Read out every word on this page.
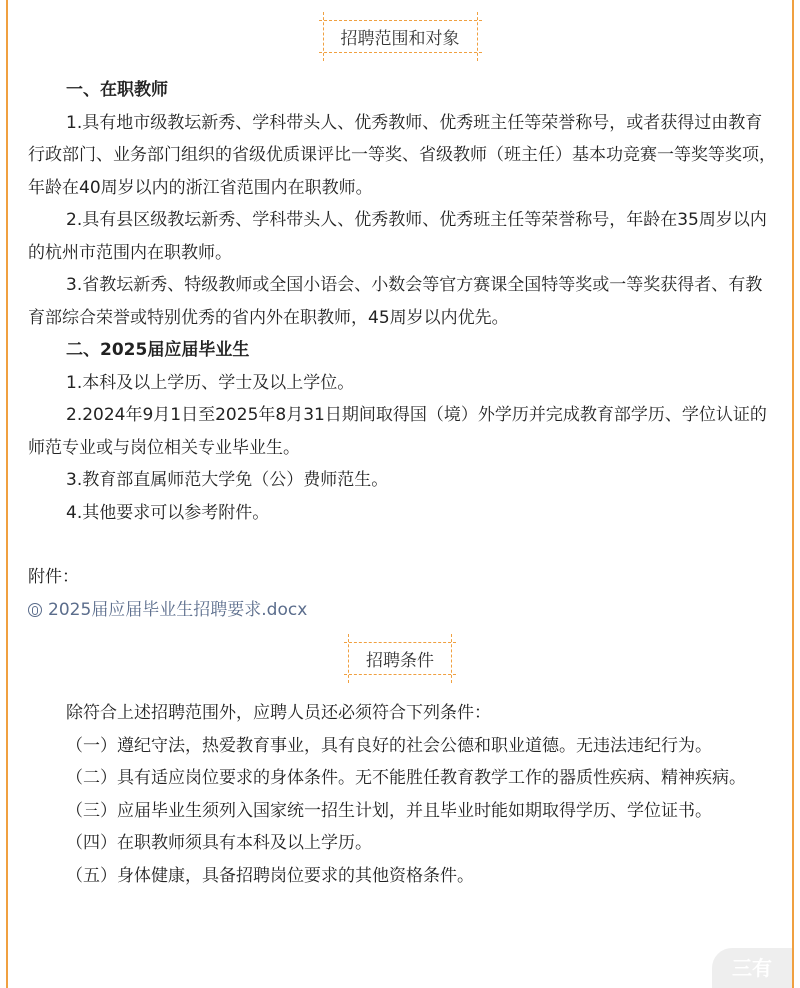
招聘范围和对象

一、在职教师

1.具有地市级教坛新秀、学科带头人、优秀教师、优秀班主任等荣誉称号，或者获得过由教育行政部门、业务部门组织的省级优质课评比一等奖、省级教师（班主任）基本功竞赛一等奖等奖项，年龄在40周岁以内的浙江省范围内在职教师。

2.具有县区级教坛新秀、学科带头人、优秀教师、优秀班主任等荣誉称号，年龄在35周岁以内的杭州市范围内在职教师。

3.省教坛新秀、特级教师或全国小语会、小数会等官方赛课全国特等奖或一等奖获得者、有教育部综合荣誉或特别优秀的省内外在职教师，45周岁以内优先。

二、2025届应届毕业生

1.本科及以上学历、学士及以上学位。

2.2024年9月1日至2025年8月31日期间取得国（境）外学历并完成教育部学历、学位认证的师范专业或与岗位相关专业毕业生。

3.教育部直属师范大学免（公）费师范生。

4.其他要求可以参考附件。

附件：

2025届应届毕业生招聘要求.docx
招聘条件

除符合上述招聘范围外，应聘人员还必须符合下列条件：

（一）遵纪守法，热爱教育事业，具有良好的社会公德和职业道德。无违法违纪行为。

（二）具有适应岗位要求的身体条件。无不能胜任教育教学工作的器质性疾病、精神疾病。

（三）应届毕业生须列入国家统一招生计划，并且毕业时能如期取得学历、学位证书。

（四）在职教师须具有本科及以上学历。

（五）身体健康，具备招聘岗位要求的其他资格条件。

三有
